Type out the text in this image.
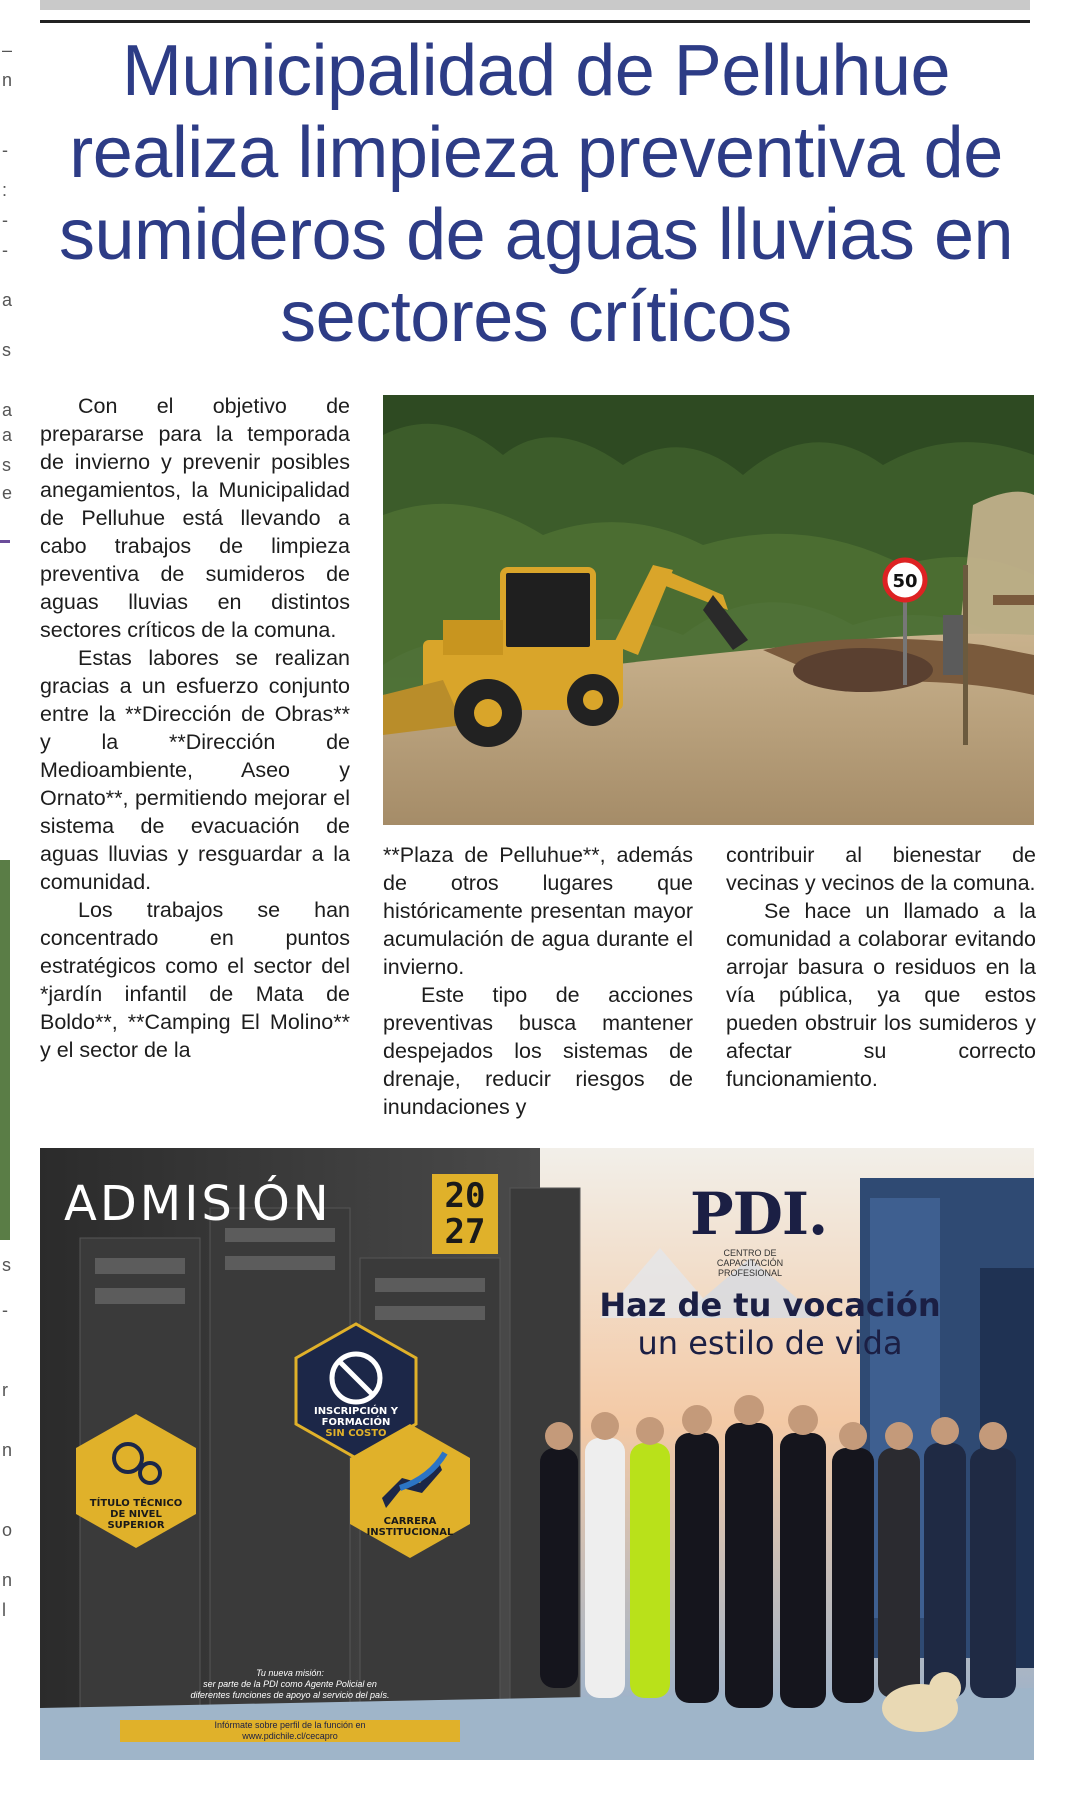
–
n
-
:
-
-
a
s
a
a
s
e
s
-
r
n
o
n
l
Municipalidad de Pelluhue realiza limpieza preventiva de sumideros de aguas lluvias en sectores críticos

Con el objetivo de prepararse para la temporada de invierno y prevenir posibles anegamientos, la Municipalidad de Pelluhue está llevando a cabo trabajos de limpieza preventiva de sumideros de aguas lluvias en distintos sectores críticos de la comuna.

Estas labores se realizan gracias a un esfuerzo conjunto entre la **Dirección de Obras** y la **Dirección de Medioambiente, Aseo y Ornato**, permitiendo mejorar el sistema de evacuación de aguas lluvias y resguardar a la comunidad.

Los trabajos se han concentrado en puntos estratégicos como el sector del *jardín infantil de Mata de Boldo**, **Camping El Molino** y el sector de la

50

**Plaza de Pelluhue**, además de otros lugares que históricamente presentan mayor acumulación de agua durante el invierno.

Este tipo de acciones preventivas busca mantener despejados los sistemas de drenaje, reducir riesgos de inundaciones y

contribuir al bienestar de vecinas y vecinos de la comuna.

Se hace un llamado a la comunidad a colaborar evitando arrojar basura o residuos en la vía pública, ya que estos pueden obstruir los sumideros y afectar su correcto funcionamiento.

ADMISIÓN	20
27	PDI.
CENTRO DE CAPACITACIÓN
PROFESIONAL
Haz de tu vocación
un estilo de vida
INSCRIPCIÓN Y
FORMACIÓN
SIN COSTO
TÍTULO TÉCNICO
DE NIVEL
SUPERIOR	CARRERA
INSTITUCIONAL
Tu nueva misión:
ser parte de la PDI como Agente Policial en
diferentes funciones de apoyo al servicio del país.
Infórmate sobre perfil de la función en
www.pdichile.cl/cecapro
